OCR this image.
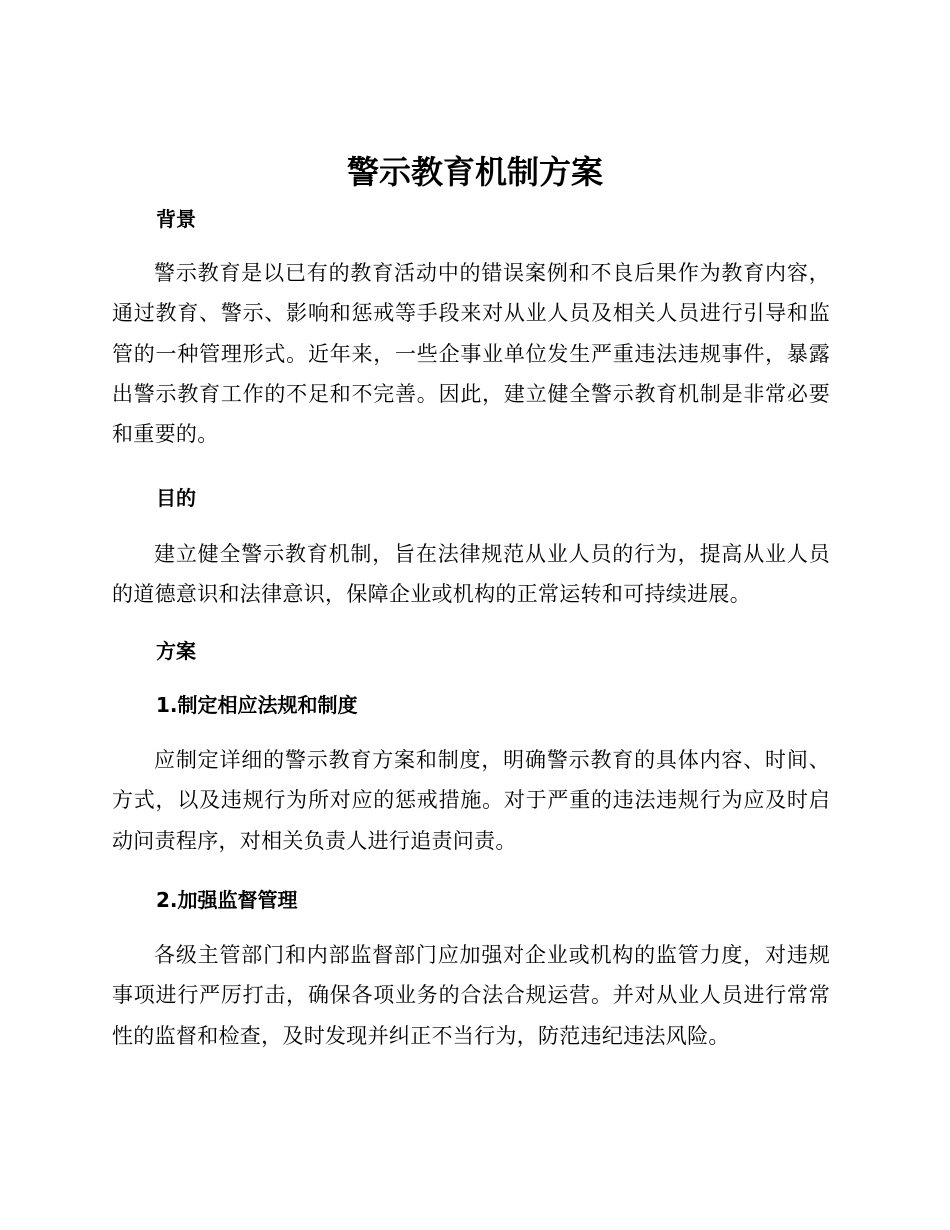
警示教育机制方案
背景

警示教育是以已有的教育活动中的错误案例和不良后果作为教育内容，通过教育、警示、影响和惩戒等手段来对从业人员及相关人员进行引导和监管的一种管理形式。近年来，一些企事业单位发生严重违法违规事件，暴露出警示教育工作的不足和不完善。因此，建立健全警示教育机制是非常必要和重要的。

目的

建立健全警示教育机制，旨在法律规范从业人员的行为，提高从业人员的道德意识和法律意识，保障企业或机构的正常运转和可持续进展。

方案
1.制定相应法规和制度

应制定详细的警示教育方案和制度，明确警示教育的具体内容、时间、方式，以及违规行为所对应的惩戒措施。对于严重的违法违规行为应及时启动问责程序，对相关负责人进行追责问责。

2.加强监督管理

各级主管部门和内部监督部门应加强对企业或机构的监管力度，对违规事项进行严厉打击，确保各项业务的合法合规运营。并对从业人员进行常常性的监督和检查，及时发现并纠正不当行为，防范违纪违法风险。
